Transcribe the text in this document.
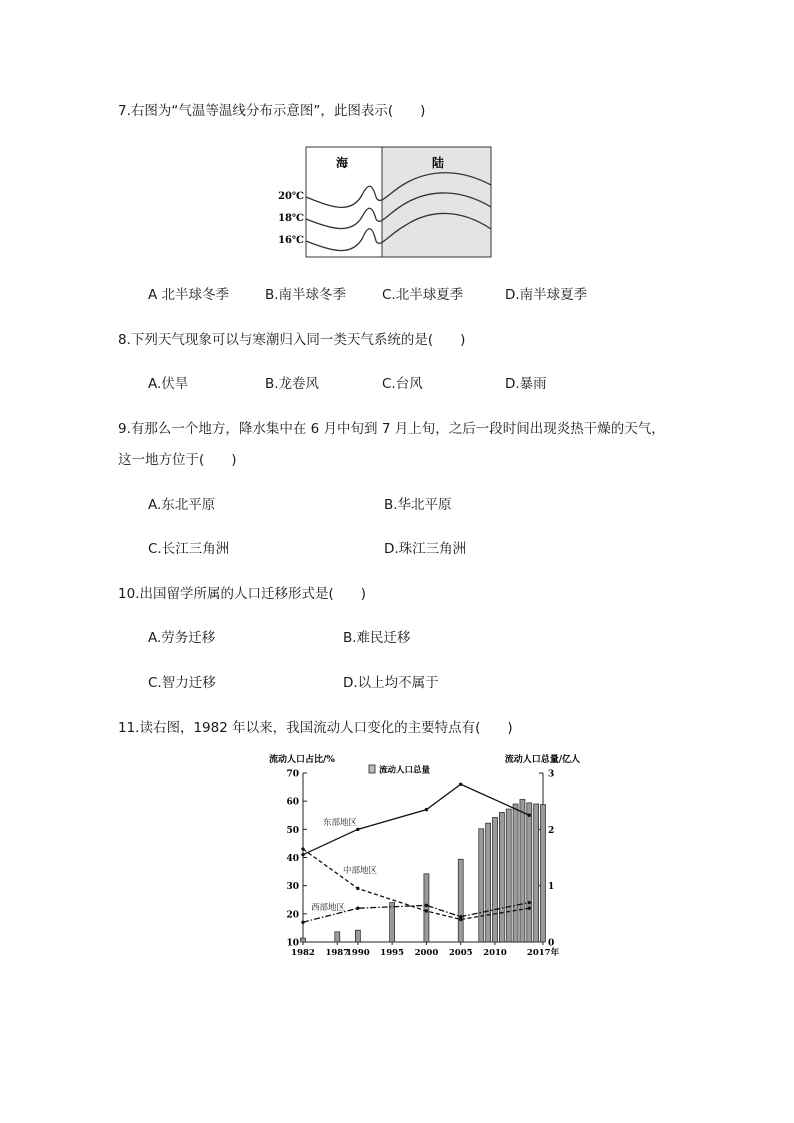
7.右图为“气温等温线分布示意图”，此图表示(　　)
海	陆
20℃
18℃
16℃
A 北半球冬季	B.南半球冬季	C.北半球夏季	D.南半球夏季
8.下列天气现象可以与寒潮归入同一类天气系统的是(　　)
A.伏旱	B.龙卷风	C.台风	D.暴雨
9.有那么一个地方，降水集中在 6 月中旬到 7 月上旬，之后一段时间出现炎热干燥的天气，
这一地方位于(　　)
A.东北平原	B.华北平原
C.长江三角洲	D.珠江三角洲
10.出国留学所属的人口迁移形式是(　　)
A.劳务迁移	B.难民迁移
C.智力迁移	D.以上均不属于
11.读右图，1982 年以来，我国流动人口变化的主要特点有(　　)
10
20
30
40
50
60
70
0
1
2
3
1982 1987
1990 1995 2000 2005 2010 2017年
流动人口占比/%	流动人口总量/亿人
流动人口总量
东部地区
中部地区
西部地区
